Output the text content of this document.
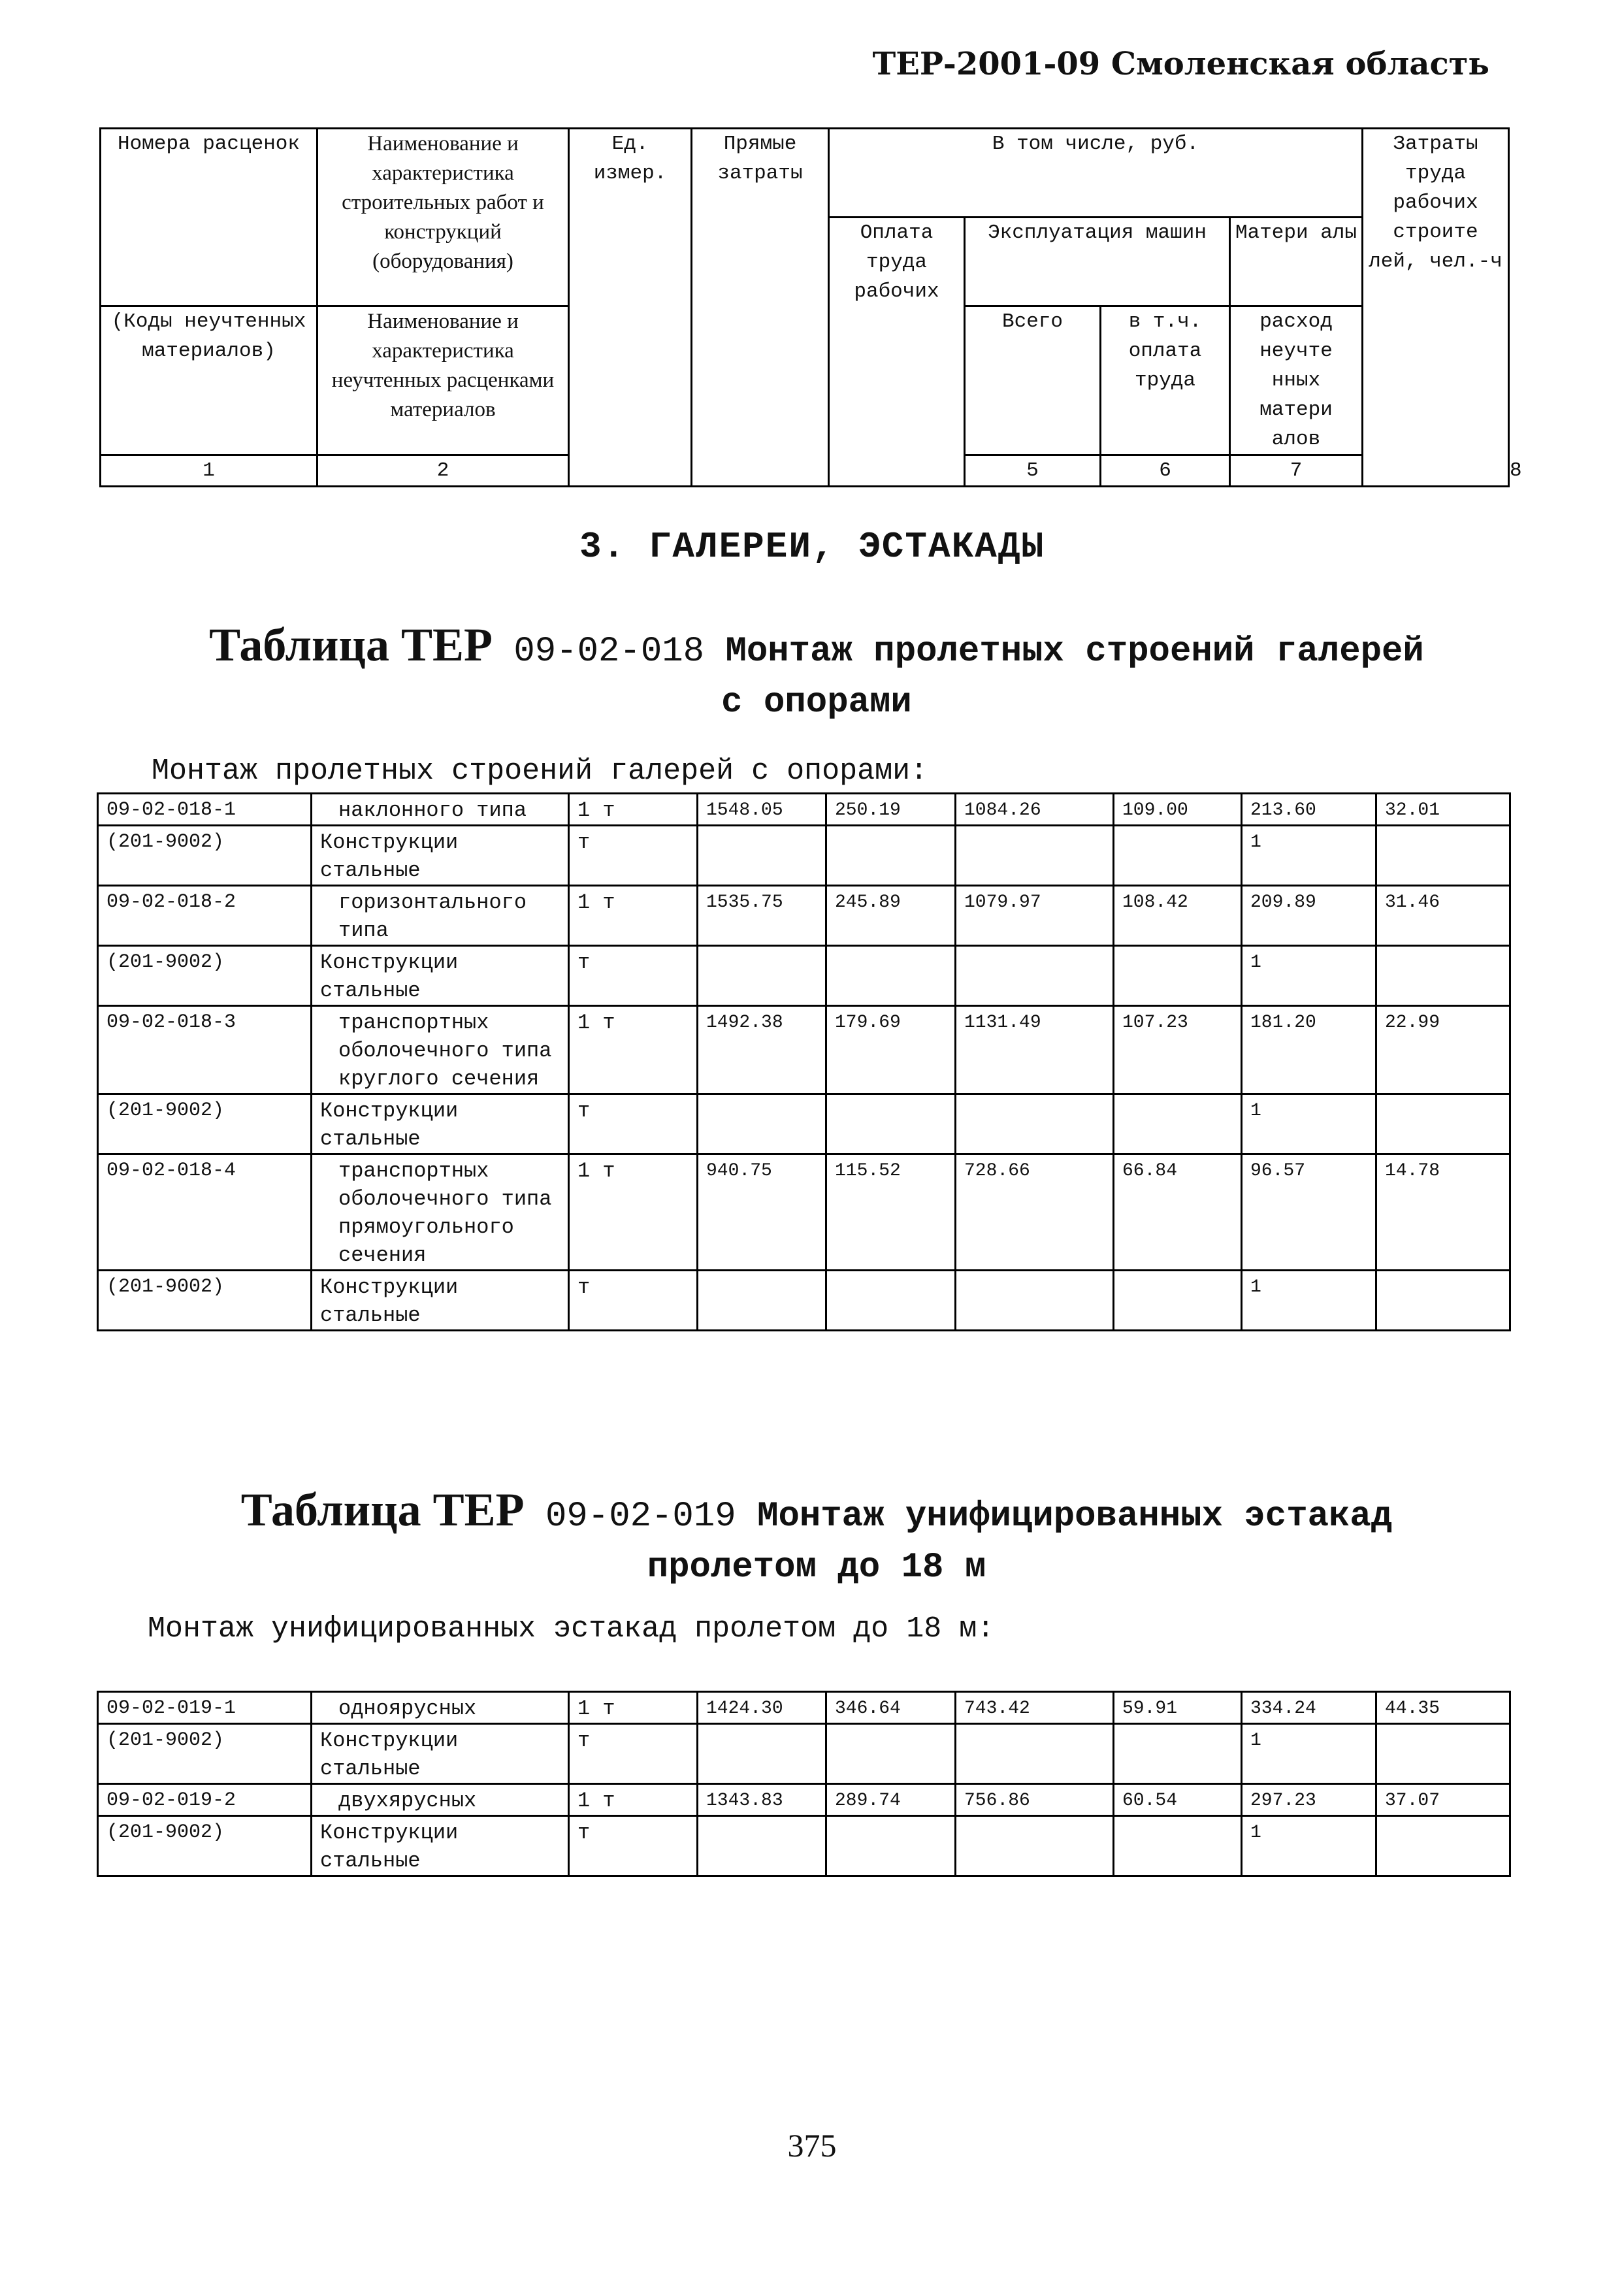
ТЕР-2001-09 Смоленская область
Номера расценок	Наименование и характеристика строительных работ и конструкций (оборудования)	Ед. измер.	Прямые затраты	В том числе, руб.				Затраты труда рабочих строите лей, чел.-ч	
				Оплата труда рабочих	Эксплуатация машин		Матери алы		
(Коды неучтенных материалов)	Наименование и характеристика неучтенных расценками материалов				Всего	в т.ч. оплата труда	расход неучте нных матери алов		
1	2				5	6	7		8
3. ГАЛЕРЕИ, ЭСТАКАДЫ
Таблица ТЕР 09-02-018 Монтаж пролетных строений галерей
с опорами
Монтаж пролетных строений галерей с опорами:
09-02-018-1	наклонного типа	1 т	1548.05	250.19	1084.26	109.00	213.60	32.01
(201-9002)	Конструкции стальные	т					1	
09-02-018-2	горизонтального типа	1 т	1535.75	245.89	1079.97	108.42	209.89	31.46
(201-9002)	Конструкции стальные	т					1	
09-02-018-3	транспортных оболочечного типа круглого сечения	1 т	1492.38	179.69	1131.49	107.23	181.20	22.99
(201-9002)	Конструкции стальные	т					1	
09-02-018-4	транспортных оболочечного типа прямоугольного сечения	1 т	940.75	115.52	728.66	66.84	96.57	14.78
(201-9002)	Конструкции стальные	т					1	
Таблица ТЕР 09-02-019 Монтаж унифицированных эстакад
пролетом до 18 м
Монтаж унифицированных эстакад пролетом до 18 м:
09-02-019-1	одноярусных	1 т	1424.30	346.64	743.42	59.91	334.24	44.35
(201-9002)	Конструкции стальные	т					1	
09-02-019-2	двухярусных	1 т	1343.83	289.74	756.86	60.54	297.23	37.07
(201-9002)	Конструкции стальные	т					1	
375
